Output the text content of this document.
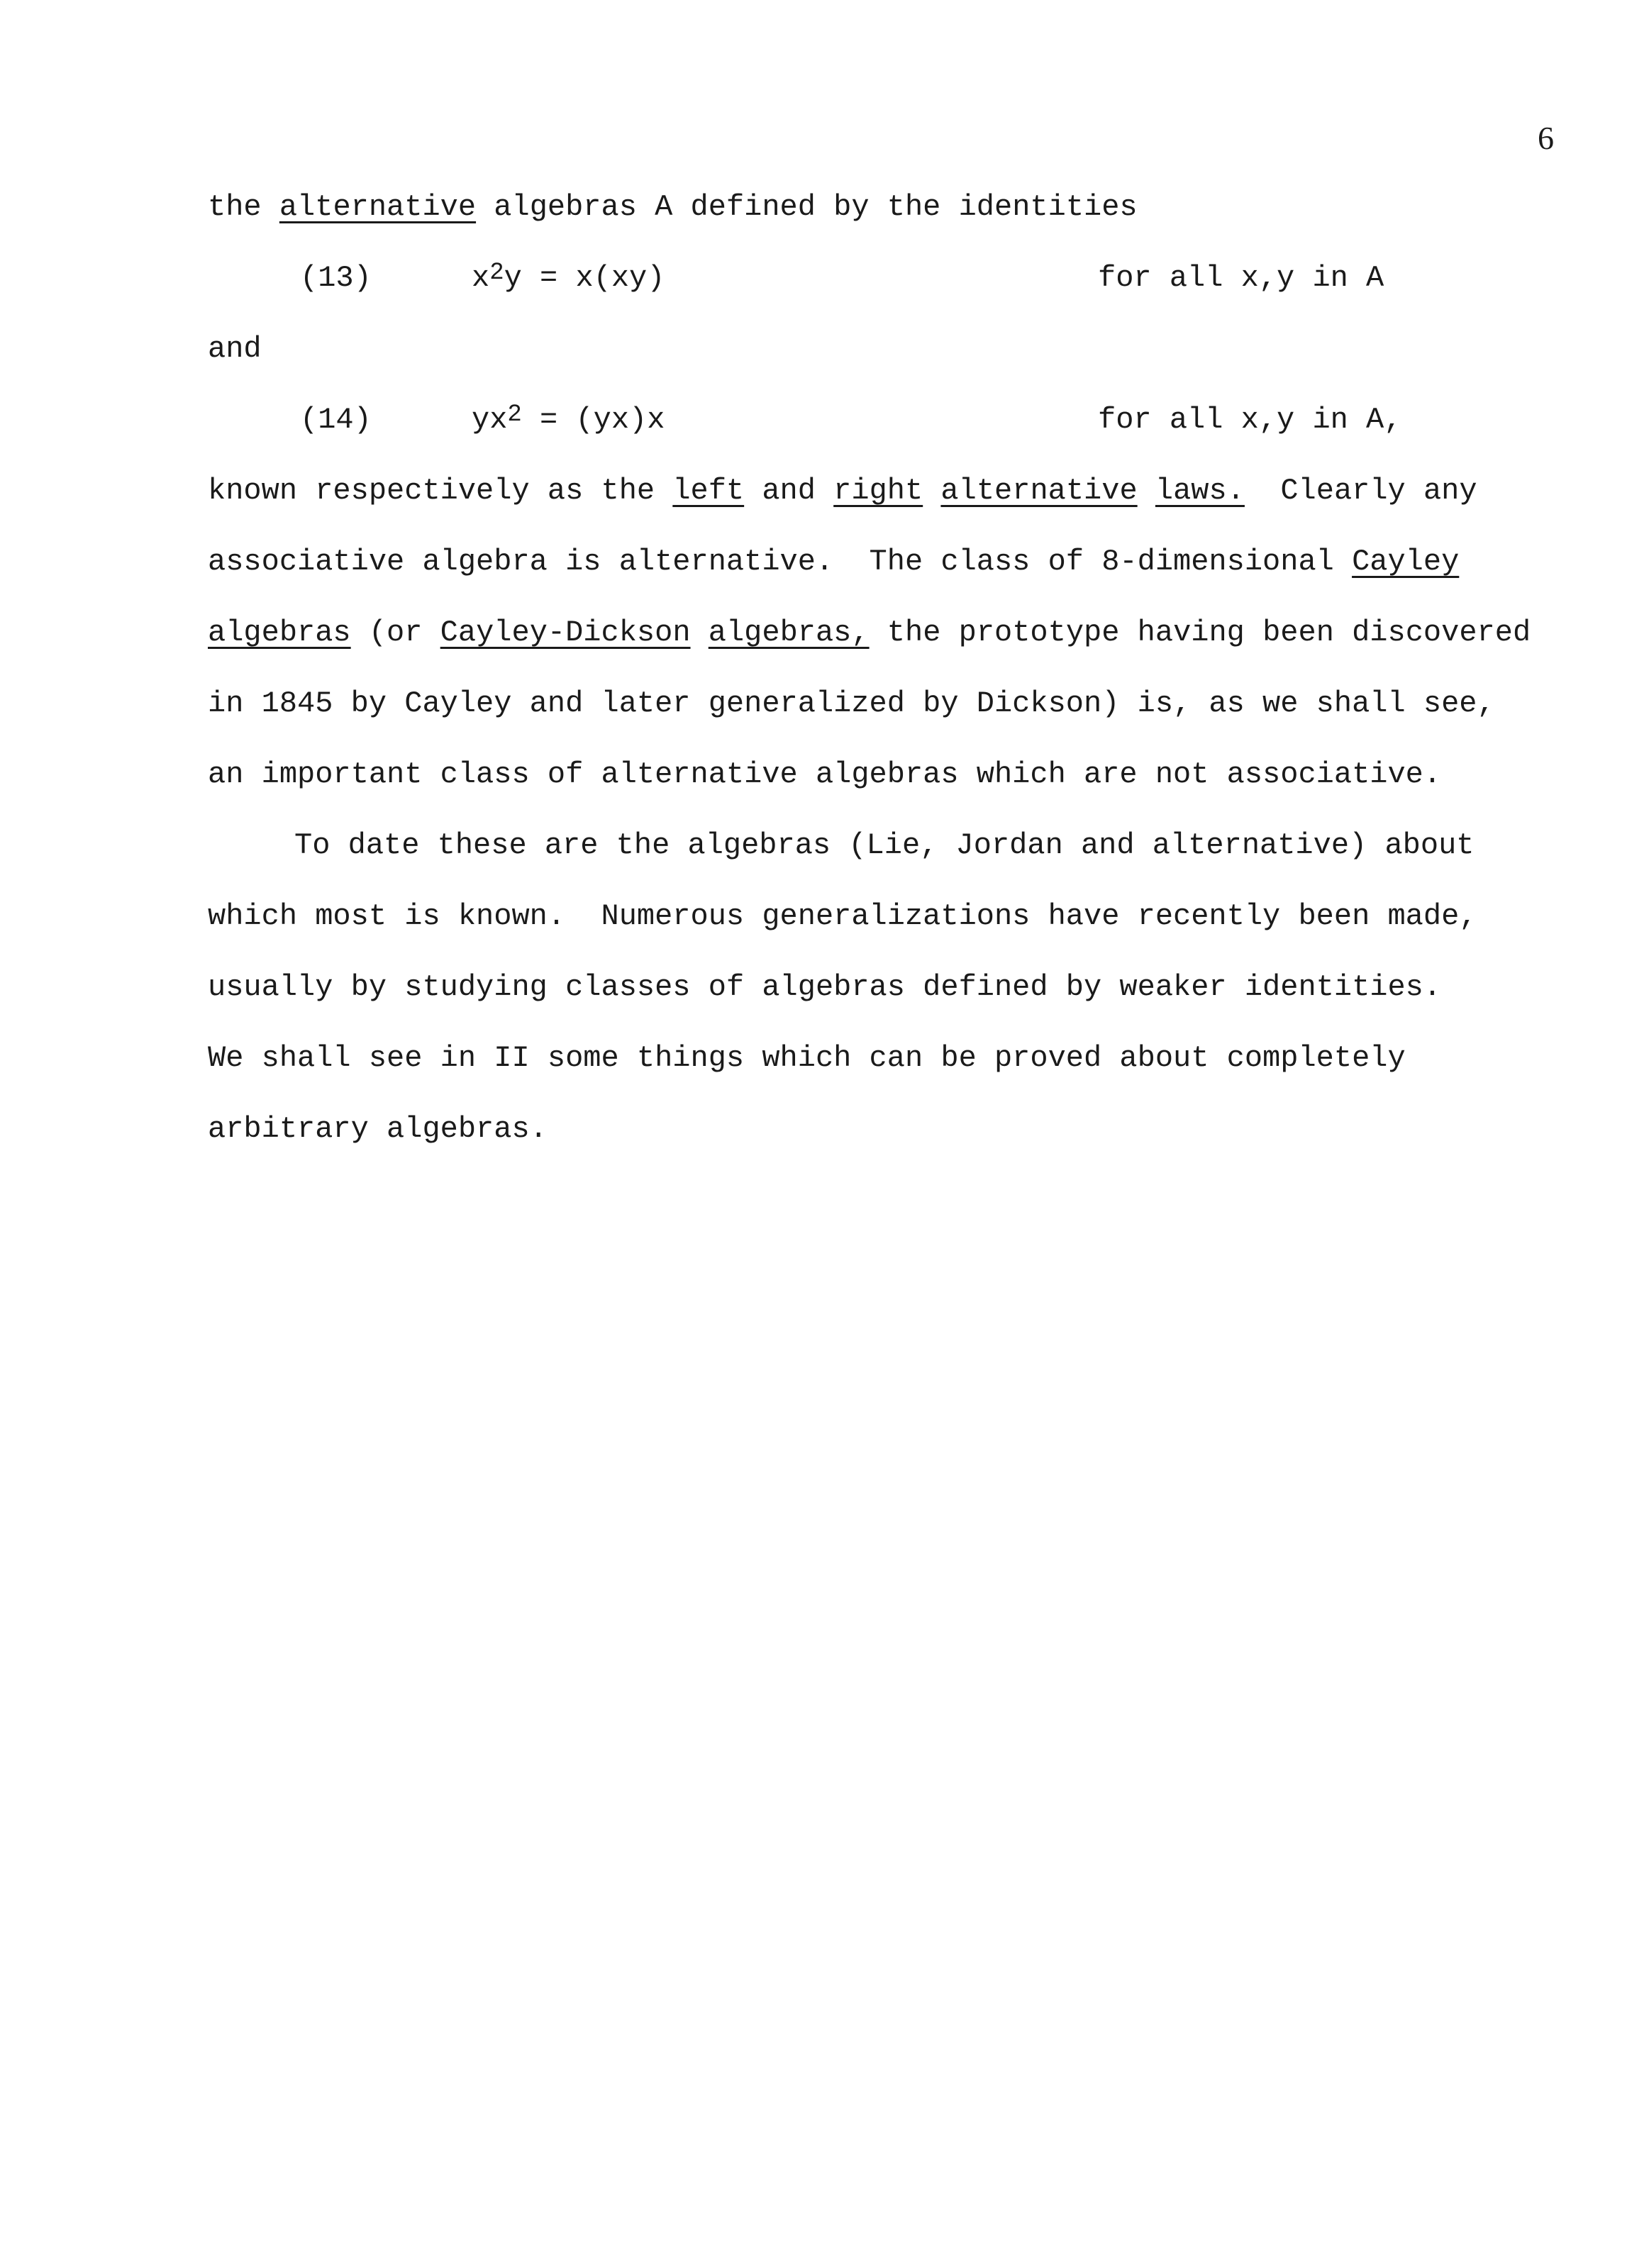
6
the alternative algebras A defined by the identities
(13)	$x^2y = x(xy)$	for all x,y in A
and
(14)	$yx^2 = (yx)x$	for all x,y in A,
known respectively as the left and right alternative laws.  Clearly any
associative algebra is alternative.  The class of 8-dimensional Cayley
algebras (or Cayley-Dickson algebras, the prototype having been discovered
in 1845 by Cayley and later generalized by Dickson) is, as we shall see,
an important class of alternative algebras which are not associative.
To date these are the algebras (Lie, Jordan and alternative) about
which most is known.  Numerous generalizations have recently been made,
usually by studying classes of algebras defined by weaker identities.
We shall see in II some things which can be proved about completely
arbitrary algebras.
